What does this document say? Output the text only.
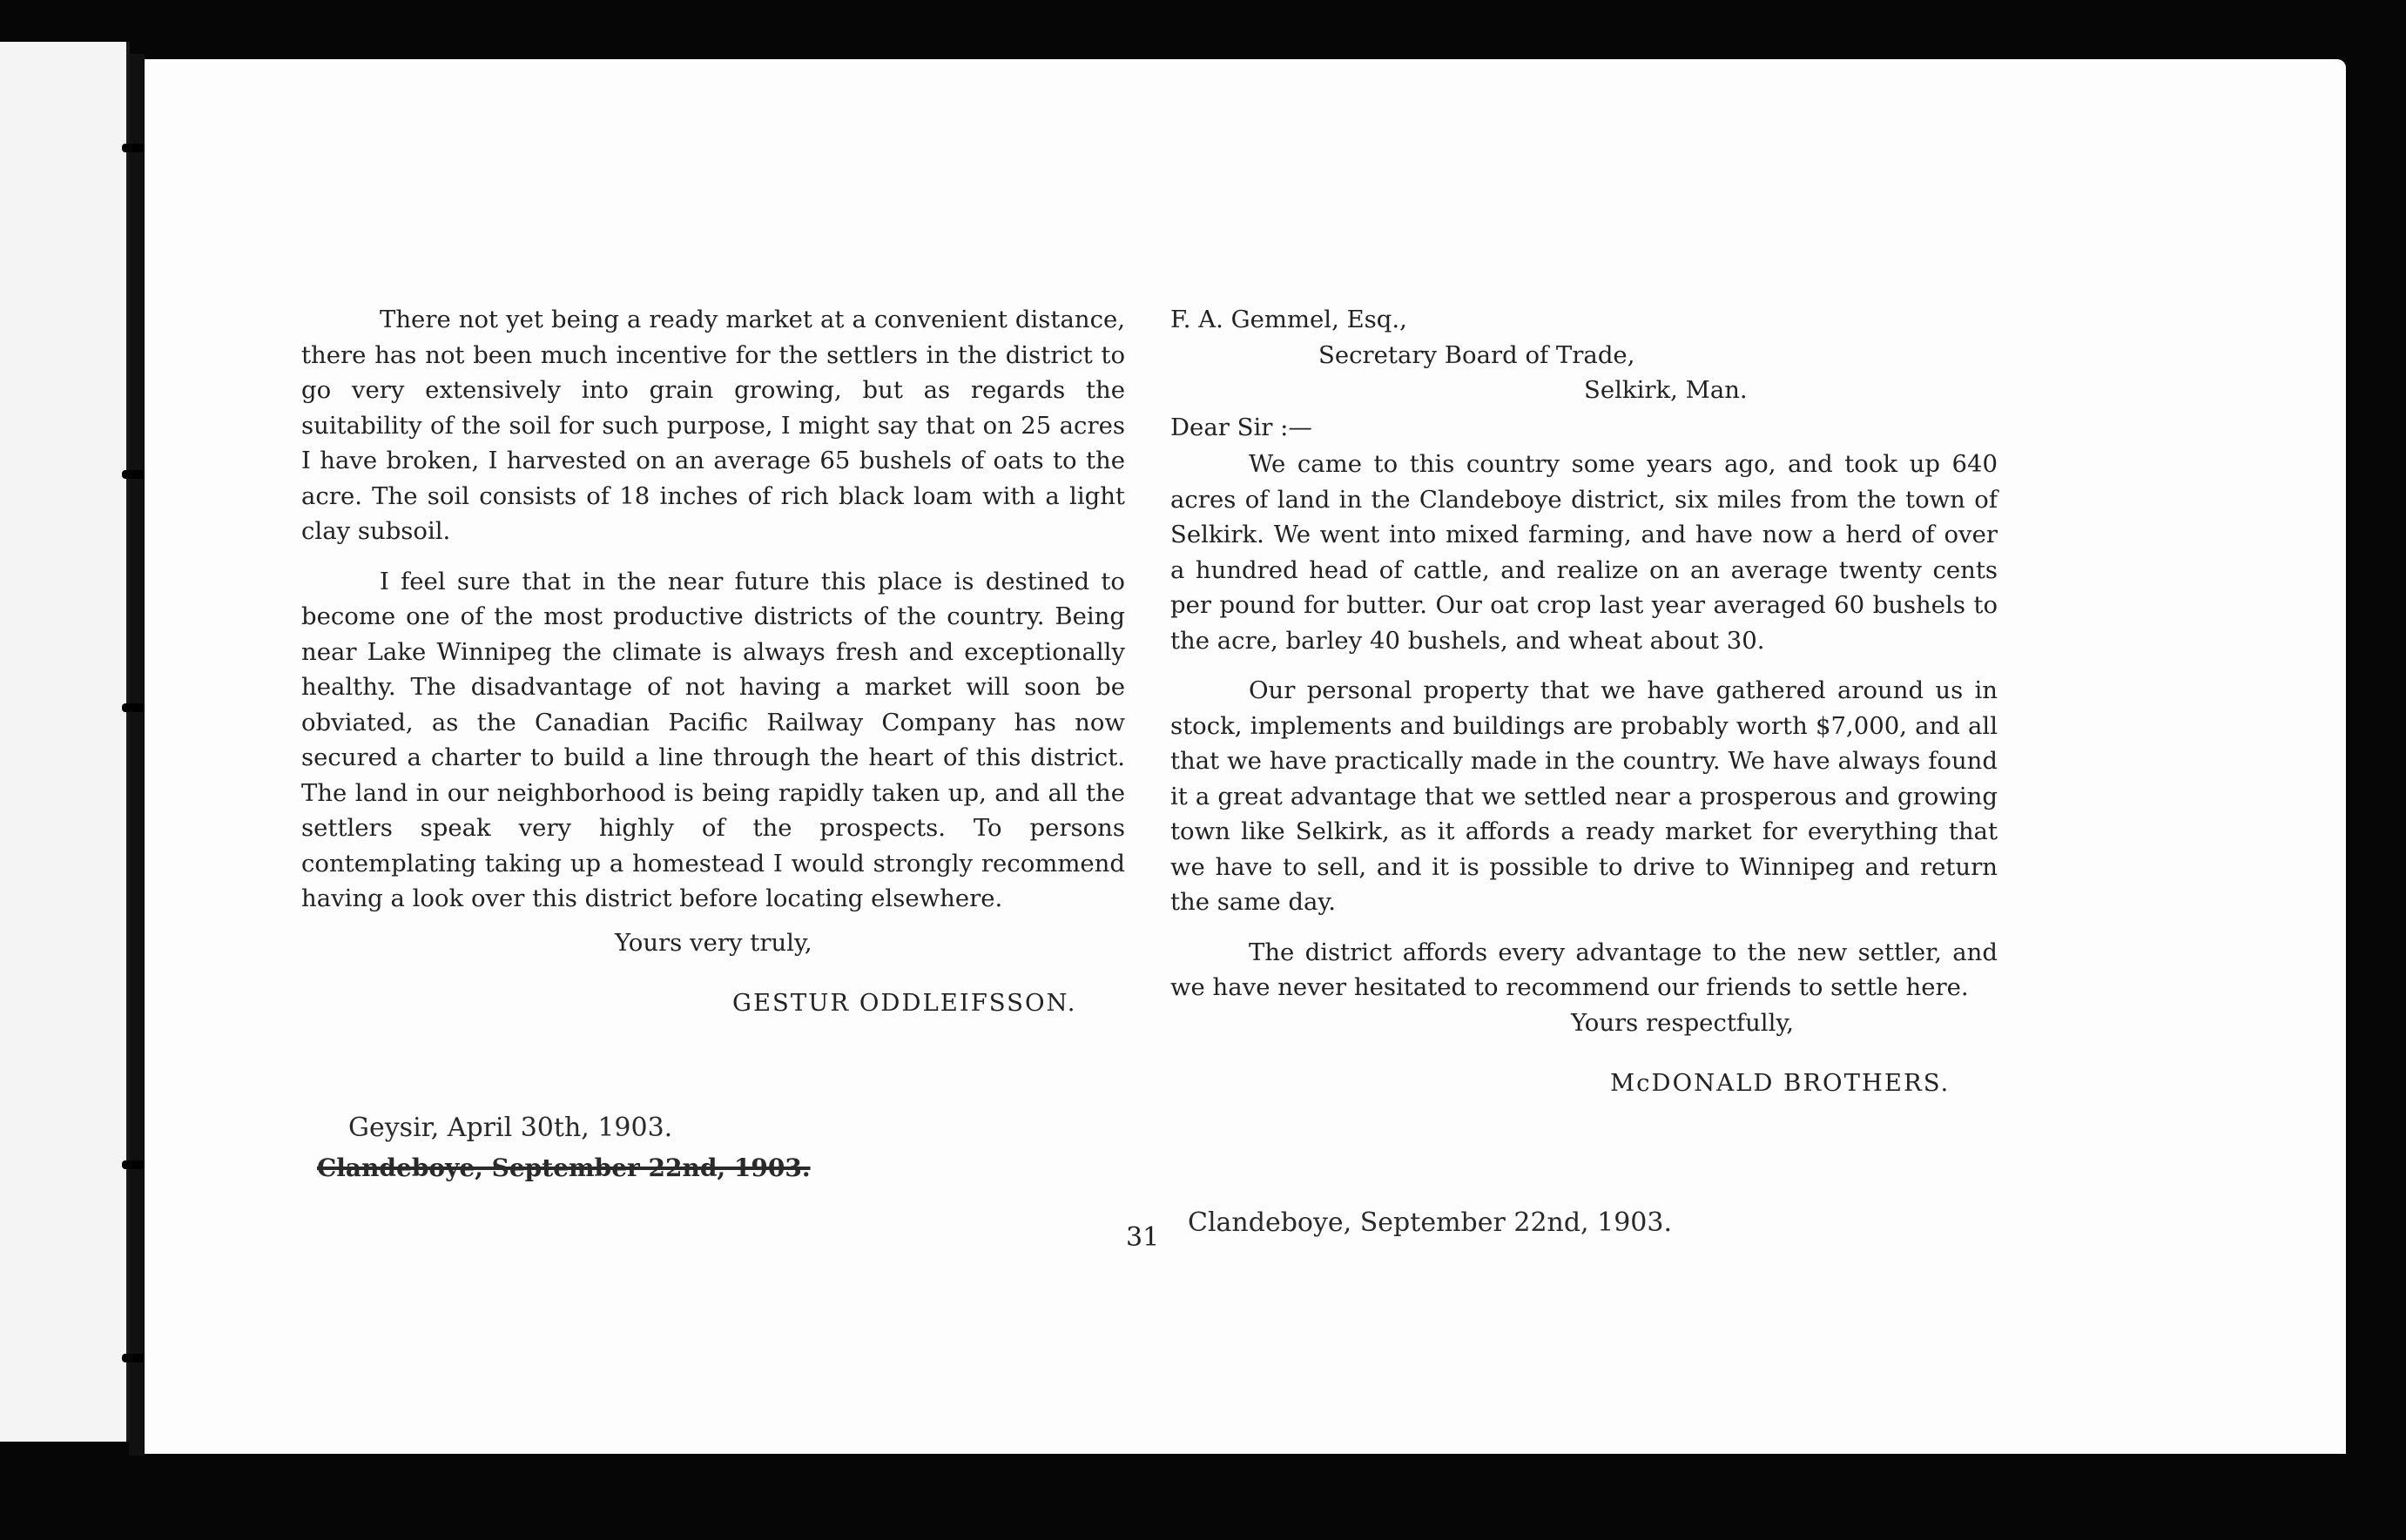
There not yet being a ready market at a convenient distance, there has not been much incentive for the settlers in the district to go very extensively into grain growing, but as regards the suitability of the soil for such purpose, I might say that on 25 acres I have broken, I harvested on an average 65 bushels of oats to the acre. The soil consists of 18 inches of rich black loam with a light clay subsoil.

I feel sure that in the near future this place is destined to become one of the most productive districts of the country. Being near Lake Winnipeg the climate is always fresh and exceptionally healthy. The disadvantage of not having a market will soon be obviated, as the Canadian Pacific Railway Company has now secured a charter to build a line through the heart of this district. The land in our neighborhood is being rapidly taken up, and all the settlers speak very highly of the prospects. To persons contemplating taking up a homestead I would strongly recommend having a look over this district before locating elsewhere.

Yours very truly,
GESTUR ODDLEIFSSON.
Geysir, April 30th, 1903.
Clandeboye, September 22nd, 1903.
F. A. Gemmel, Esq.,
Secretary Board of Trade,
Selkirk, Man.
Dear Sir :—

We came to this country some years ago, and took up 640 acres of land in the Clandeboye district, six miles from the town of Selkirk. We went into mixed farming, and have now a herd of over a hundred head of cattle, and realize on an average twenty cents per pound for butter. Our oat crop last year averaged 60 bushels to the acre, barley 40 bushels, and wheat about 30.

Our personal property that we have gathered around us in stock, implements and buildings are probably worth $7,000, and all that we have practically made in the country. We have always found it a great advantage that we settled near a prosperous and growing town like Selkirk, as it affords a ready market for everything that we have to sell, and it is possible to drive to Winnipeg and return the same day.

The district affords every advantage to the new settler, and we have never hesitated to recommend our friends to settle here.

Yours respectfully,
McDONALD BROTHERS.
Clandeboye, September 22nd, 1903.
31
